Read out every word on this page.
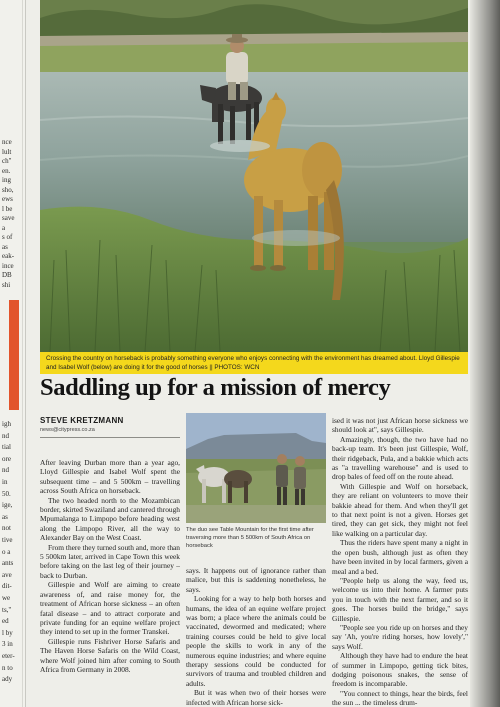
nce
lult
ch"
en.
ing
sho,
ews
l be
save
a
s of
as
eak-
ince
DB
shi
igh
nd
tial
ore
nd
in
50.
ige,
as
not
tive
o a
ants
ave
dit-
we
ts,"
ed
l by
3 in
eter-
n to
ady
Crossing the country on horseback is probably something everyone who enjoys connecting with the environment has dreamed about. Lloyd Gillespie and Isabel Wolf (below) are doing it for the good of horses || PHOTOS: WCN
Saddling up for a mission of mercy
STEVE KRETZMANN
news@citypress.co.za

After leaving Durban more than a year ago, Lloyd Gillespie and Isabel Wolf spent the subsequent time – and 5 500km – travelling across South Africa on horseback.

The two headed north to the Mozambican border, skirted Swaziland and cantered through Mpumalanga to Limpopo before heading west along the Limpopo River, all the way to Alexander Bay on the West Coast.

From there they turned south and, more than 5 500km later, arrived in Cape Town this week before taking on the last leg of their journey – back to Durban.

Gillespie and Wolf are aiming to create awareness of, and raise money for, the treatment of African horse sickness – an often fatal disease – and to attract corporate and private funding for an equine welfare project they intend to set up in the former Transkei.

Gillespie runs Fishriver Horse Safaris and The Haven Horse Safaris on the Wild Coast, where Wolf joined him after coming to South Africa from Germany in 2008.

The duo see Table Mountain for the first time after traversing more than 5 500km of South Africa on horseback

says. It happens out of ignorance rather than malice, but this is saddening nonetheless, he says.

Looking for a way to help both horses and humans, the idea of an equine welfare project was born; a place where the animals could be vaccinated, dewormed and medicated; where training courses could be held to give local people the skills to work in any of the numerous equine industries; and where equine therapy sessions could be conducted for survivors of trauma and troubled children and adults.

But it was when two of their horses were infected with African horse sick-

ised it was not just African horse sickness we should look at", says Gillespie.

Amazingly, though, the two have had no back-up team. It's been just Gillespie, Wolf, their ridgeback, Pula, and a bakkie which acts as "a travelling warehouse" and is used to drop bales of feed off on the route ahead.

With Gillespie and Wolf on horseback, they are reliant on volunteers to move their bakkie ahead for them. And when they'll get to that next point is not a given. Horses get tired, they can get sick, they might not feel like walking on a particular day.

Thus the riders have spent many a night in the open bush, although just as often they have been invited in by local farmers, given a meal and a bed.

"People help us along the way, feed us, welcome us into their home. A farmer puts you in touch with the next farmer, and so it goes. The horses build the bridge," says Gillespie.

"People see you ride up on horses and they say 'Ah, you're riding horses, how lovely'," says Wolf.

Although they have had to endure the heat of summer in Limpopo, getting tick bites, dodging poisonous snakes, the sense of freedom is incomparable.

"You connect to things, hear the birds, feel the sun ... the timeless drum-
